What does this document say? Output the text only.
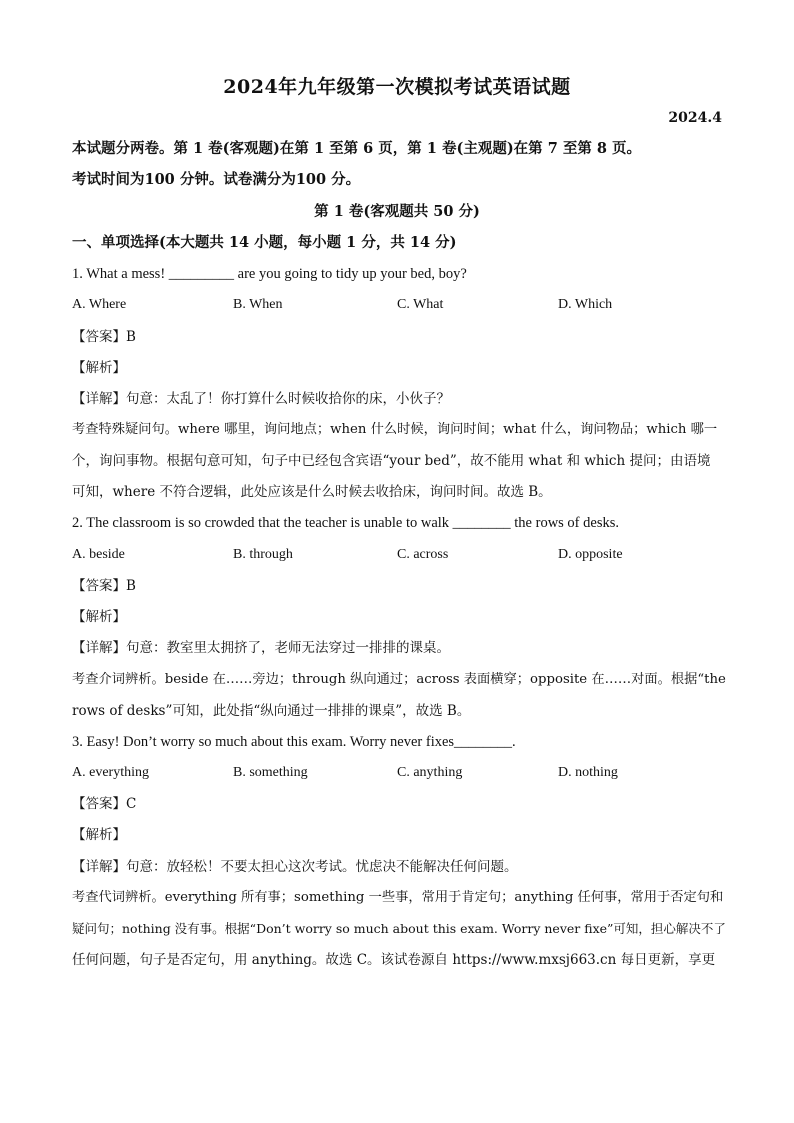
2024年九年级第一次模拟考试英语试题
2024.4
本试题分两卷。第 1 卷(客观题)在第 1 至第 6 页，第 1 卷(主观题)在第 7 至第 8 页。
考试时间为100 分钟。试卷满分为100 分。
第 1 卷(客观题共 50 分)
一、单项选择(本大题共 14 小题，每小题 1 分，共 14 分)
1. What a mess! _________ are you going to tidy up your bed, boy?
A. Where	B. When	C. What	D. Which
【答案】B
【解析】
【详解】句意：太乱了！你打算什么时候收拾你的床，小伙子？
考查特殊疑问句。where 哪里，询问地点；when 什么时候，询问时间；what 什么，询问物品；which 哪一
个，询问事物。根据句意可知，句子中已经包含宾语“your bed”，故不能用 what 和 which 提问；由语境
可知，where 不符合逻辑，此处应该是什么时候去收拾床，询问时间。故选 B。
2. The classroom is so crowded that the teacher is unable to walk ________ the rows of desks.
A. beside	B. through	C. across	D. opposite
【答案】B
【解析】
【详解】句意：教室里太拥挤了，老师无法穿过一排排的课桌。
考查介词辨析。beside 在……旁边；through 纵向通过；across 表面横穿；opposite 在……对面。根据“the
rows of desks”可知，此处指“纵向通过一排排的课桌”，故选 B。
3. Easy! Don’t worry so much about this exam. Worry never fixes________.
A. everything	B. something	C. anything	D. nothing
【答案】C
【解析】
【详解】句意：放轻松！不要太担心这次考试。忧虑决不能解决任何问题。
考查代词辨析。everything 所有事；something 一些事，常用于肯定句；anything 任何事，常用于否定句和
疑问句；nothing 没有事。根据“Don’t worry so much about this exam. Worry never fixe”可知，担心解决不了
任何问题，句子是否定句，用 anything。故选 C。该试卷源自 https://www.mxsj663.cn 每日更新，享更
